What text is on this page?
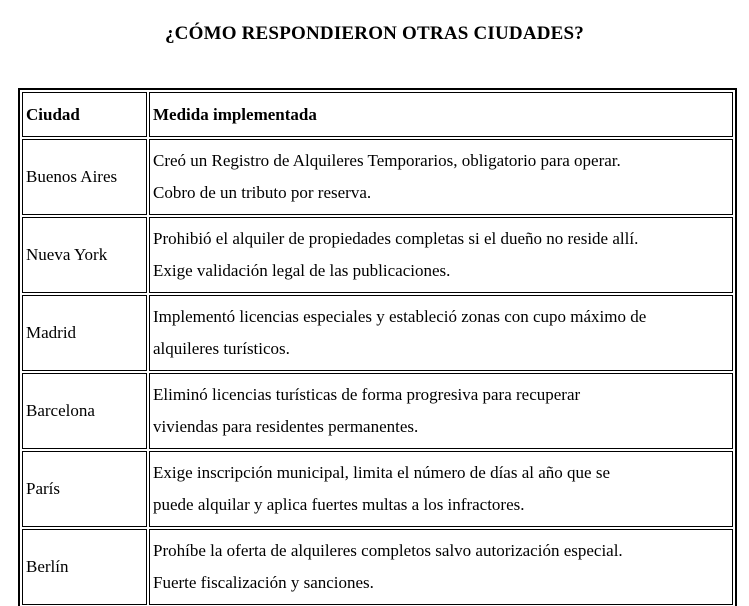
¿CÓMO RESPONDIERON OTRAS CIUDADES?
Ciudad	Medida implementada
Buenos Aires	Creó un Registro de Alquileres Temporarios, obligatorio para operar.
Cobro de un tributo por reserva.

Nueva York	Prohibió el alquiler de propiedades completas si el dueño no reside allí.
Exige validación legal de las publicaciones.

Madrid	Implementó licencias especiales y estableció zonas con cupo máximo de
alquileres turísticos.

Barcelona	Eliminó licencias turísticas de forma progresiva para recuperar
viviendas para residentes permanentes.

París	Exige inscripción municipal, limita el número de días al año que se
puede alquilar y aplica fuertes multas a los infractores.

Berlín	Prohíbe la oferta de alquileres completos salvo autorización especial.
Fuerte fiscalización y sanciones.
